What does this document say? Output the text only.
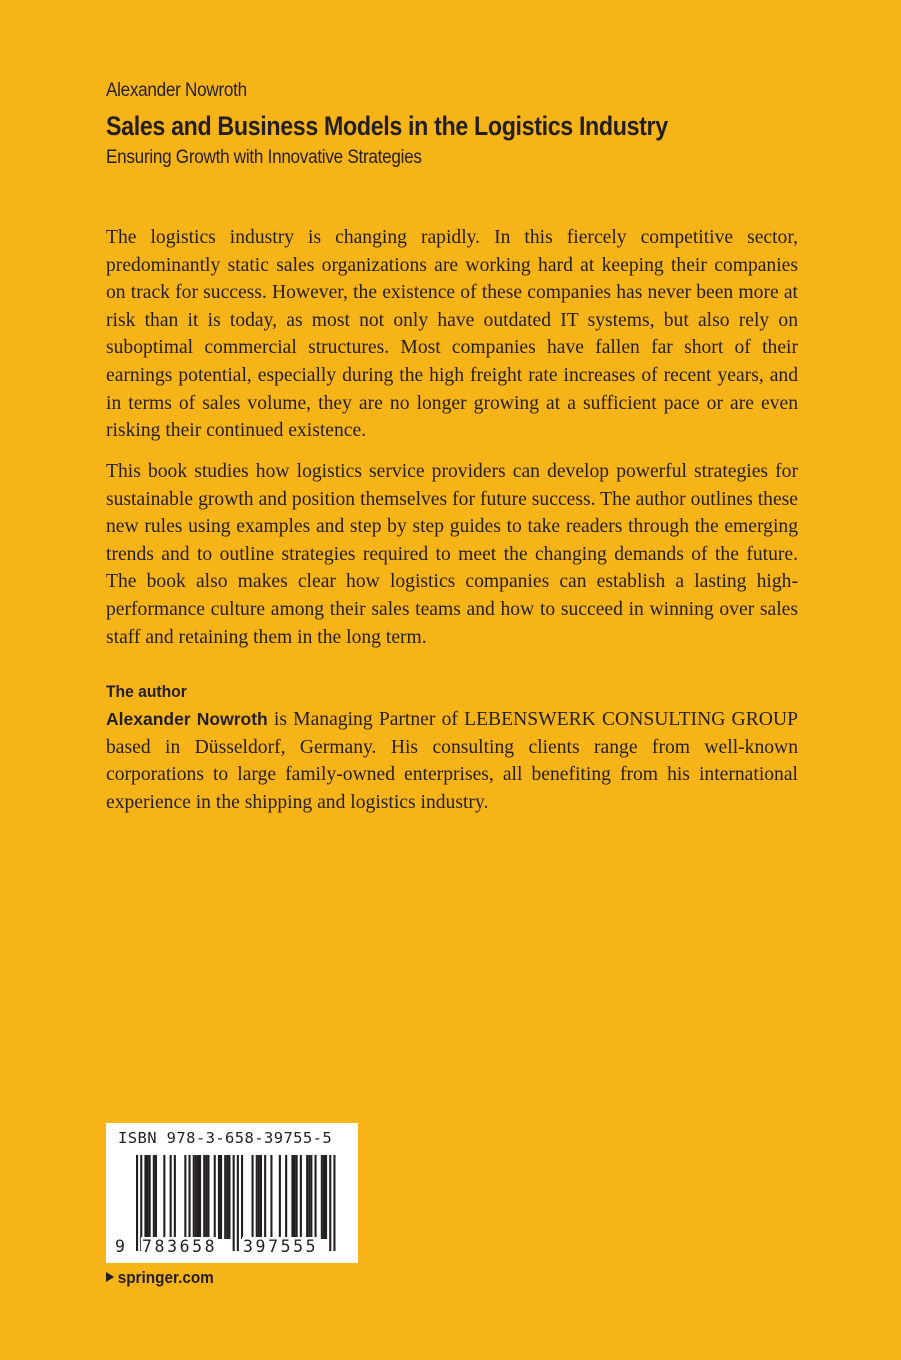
Alexander Nowroth
Sales and Business Models in the Logistics Industry
Ensuring Growth with Innovative Strategies

The logistics industry is changing rapidly. In this fiercely competitive sector, predominantly static sales organizations are working hard at keeping their companies on track for success. However, the existence of these companies has never been more at risk than it is today, as most not only have outdated IT systems, but also rely on suboptimal commercial structures. Most companies have fallen far short of their earnings potential, especially during the high freight rate increases of recent years, and in terms of sales volume, they are no longer growing at a sufficient pace or are even risking their continued existence.

This book studies how logistics service providers can develop powerful strategies for sustainable growth and position themselves for future success. The author outlines these new rules using examples and step by step guides to take readers through the emerging trends and to outline strategies required to meet the changing demands of the future. The book also makes clear how logistics companies can establish a lasting high-performance culture among their sales teams and how to succeed in winning over sales staff and retaining them in the long term.

The author

Alexander Nowroth is Managing Partner of LEBENSWERK CONSULTING GROUP based in Düsseldorf, Germany. His consulting clients range from well-known corporations to large family-owned enterprises, all benefiting from his international experience in the shipping and logistics industry.

ISBN 978-3-658-39755-5
9 783658 397555
springer.com
